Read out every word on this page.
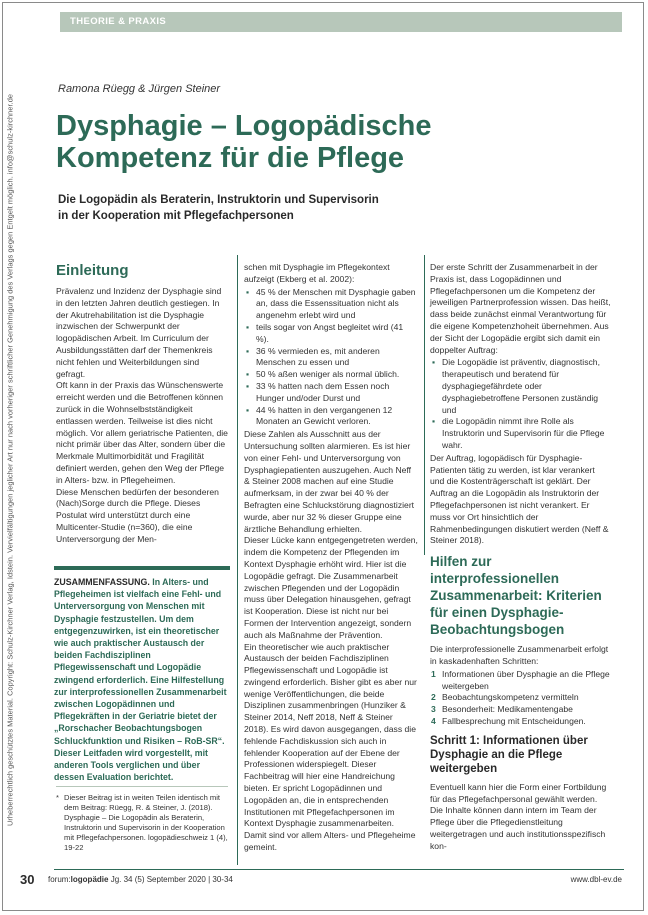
Urheberrechtlich geschütztes Material. Copyright: Schulz-Kirchner Verlag, Idstein. Vervielfältigungen jeglicher Art nur nach vorheriger schriftlicher Genehmigung des Verlags gegen Entgelt möglich. info@schulz-kirchner.de
THEORIE & PRAXIS
Ramona Rüegg & Jürgen Steiner
Dysphagie – Logopädische
Kompetenz für die Pflege

Die Logopädin als Beraterin, Instruktorin und Supervisorin
in der Kooperation mit Pflegefachpersonen

Einleitung

Prävalenz und Inzidenz der Dysphagie sind in den letzten Jahren deutlich gestiegen. In der Akutrehabilitation ist die Dysphagie inzwischen der Schwerpunkt der logopädischen Arbeit. Im Curriculum der Ausbildungsstätten darf der Themenkreis nicht fehlen und Weiterbildungen sind gefragt.

Oft kann in der Praxis das Wünschenswerte erreicht werden und die Betroffenen können zurück in die Wohnselbstständigkeit entlassen werden. Teilweise ist dies nicht möglich. Vor allem geriatrische Patienten, die nicht primär über das Alter, sondern über die Merkmale Multimorbidität und Fragilität definiert werden, gehen den Weg der Pflege in Alters- bzw. in Pflegeheimen.

Diese Menschen bedürfen der besonderen (Nach)Sorge durch die Pflege. Dieses Postulat wird unterstützt durch eine Multicenter-Studie (n=360), die eine Unterversorgung der Men-

ZUSAMMENFASSUNG. In Alters- und Pflegeheimen ist vielfach eine Fehl- und Unterversorgung von Menschen mit Dysphagie festzustellen. Um dem entgegenzuwirken, ist ein theoretischer wie auch praktischer Austausch der beiden Fachdisziplinen Pflegewissenschaft und Logopädie zwingend erforderlich. Eine Hilfestellung zur interprofessionellen Zusammenarbeit zwischen Logopädinnen und Pflegekräften in der Geriatrie bietet der „Rorschacher Beobachtungsbogen Schluckfunktion und Risiken – RoB-SR“. Dieser Leitfaden wird vorgestellt, mit anderen Tools verglichen und über dessen Evaluation berichtet.

* Dieser Beitrag ist in weiten Teilen identisch mit dem Beitrag: Rüegg, R. & Steiner, J. (2018). Dysphagie – Die Logopädin als Beraterin, Instruktorin und Supervisorin in der Kooperation mit Pflegefachpersonen. logopädieschweiz 1 (4), 19-22

schen mit Dysphagie im Pflegekontext aufzeigt (Ekberg et al. 2002):

▪ 45 % der Menschen mit Dysphagie gaben an, dass die Essenssituation nicht als angenehm erlebt wird und
▪ teils sogar von Angst begleitet wird (41 %).
▪ 36 % vermieden es, mit anderen Menschen zu essen und
▪ 50 % aßen weniger als normal üblich.
▪ 33 % hatten nach dem Essen noch Hunger und/oder Durst und
▪ 44 % hatten in den vergangenen 12 Monaten an Gewicht verloren.

Diese Zahlen als Ausschnitt aus der Untersuchung sollten alarmieren. Es ist hier von einer Fehl- und Unterversorgung von Dysphagiepatienten auszugehen. Auch Neff & Steiner 2008 machen auf eine Studie aufmerksam, in der zwar bei 40 % der Befragten eine Schluckstörung diagnostiziert wurde, aber nur 32 % dieser Gruppe eine ärztliche Behandlung erhielten.

Dieser Lücke kann entgegengetreten werden, indem die Kompetenz der Pflegenden im Kontext Dysphagie erhöht wird. Hier ist die Logopädie gefragt. Die Zusammenarbeit zwischen Pflegenden und der Logopädin muss über Delegation hinausgehen, gefragt ist Kooperation. Diese ist nicht nur bei Formen der Intervention angezeigt, sondern auch als Maßnahme der Prävention.

Ein theoretischer wie auch praktischer Austausch der beiden Fachdisziplinen Pflegewissenschaft und Logopädie ist zwingend erforderlich. Bisher gibt es aber nur wenige Veröffentlichungen, die beide Disziplinen zusammenbringen (Hunziker & Steiner 2014, Neff 2018, Neff & Steiner 2018). Es wird davon ausgegangen, dass die fehlende Fachdiskussion sich auch in fehlender Kooperation auf der Ebene der Professionen widerspiegelt. Dieser Fachbeitrag will hier eine Handreichung bieten. Er spricht Logopädinnen und Logopäden an, die in entsprechenden Institutionen mit Pflegefachpersonen im Kontext Dysphagie zusammenarbeiten. Damit sind vor allem Alters- und Pflegeheime gemeint.

Der erste Schritt der Zusammenarbeit in der Praxis ist, dass Logopädinnen und Pflegefachpersonen um die Kompetenz der jeweiligen Partnerprofession wissen. Das heißt, dass beide zunächst einmal Verantwortung für die eigene Kompetenzhoheit übernehmen. Aus der Sicht der Logopädie ergibt sich damit ein doppelter Auftrag:

▪ Die Logopädie ist präventiv, diagnostisch, therapeutisch und beratend für dysphagiegefährdete oder dysphagiebetroffene Personen zuständig und
▪ die Logopädin nimmt ihre Rolle als Instruktorin und Supervisorin für die Pflege wahr.

Der Auftrag, logopädisch für Dysphagie-Patienten tätig zu werden, ist klar verankert und die Kostenträgerschaft ist geklärt. Der Auftrag an die Logopädin als Instruktorin der Pflegefachpersonen ist nicht verankert. Er muss vor Ort hinsichtlich der Rahmenbedingungen diskutiert werden (Neff & Steiner 2018).

Hilfen zur interprofessionellen Zusammenarbeit: Kriterien für einen Dysphagie-Beobachtungsbogen

Die interprofessionelle Zusammenarbeit erfolgt in kaskadenhaften Schritten:

1 Informationen über Dysphagie an die Pflege weitergeben
2 Beobachtungskompetenz vermitteln
3 Besonderheit: Medikamentengabe
4 Fallbesprechung mit Entscheidungen.
Schritt 1: Informationen über Dysphagie an die Pflege weitergeben

Eventuell kann hier die Form einer Fortbildung für das Pflegefachpersonal gewählt werden. Die Inhalte können dann intern im Team der Pflege über die Pflegedienstleitung weitergetragen und auch institutionsspezifisch kon-

30 forum:logopädie Jg. 34 (5) September 2020 | 30-34	www.dbl-ev.de
